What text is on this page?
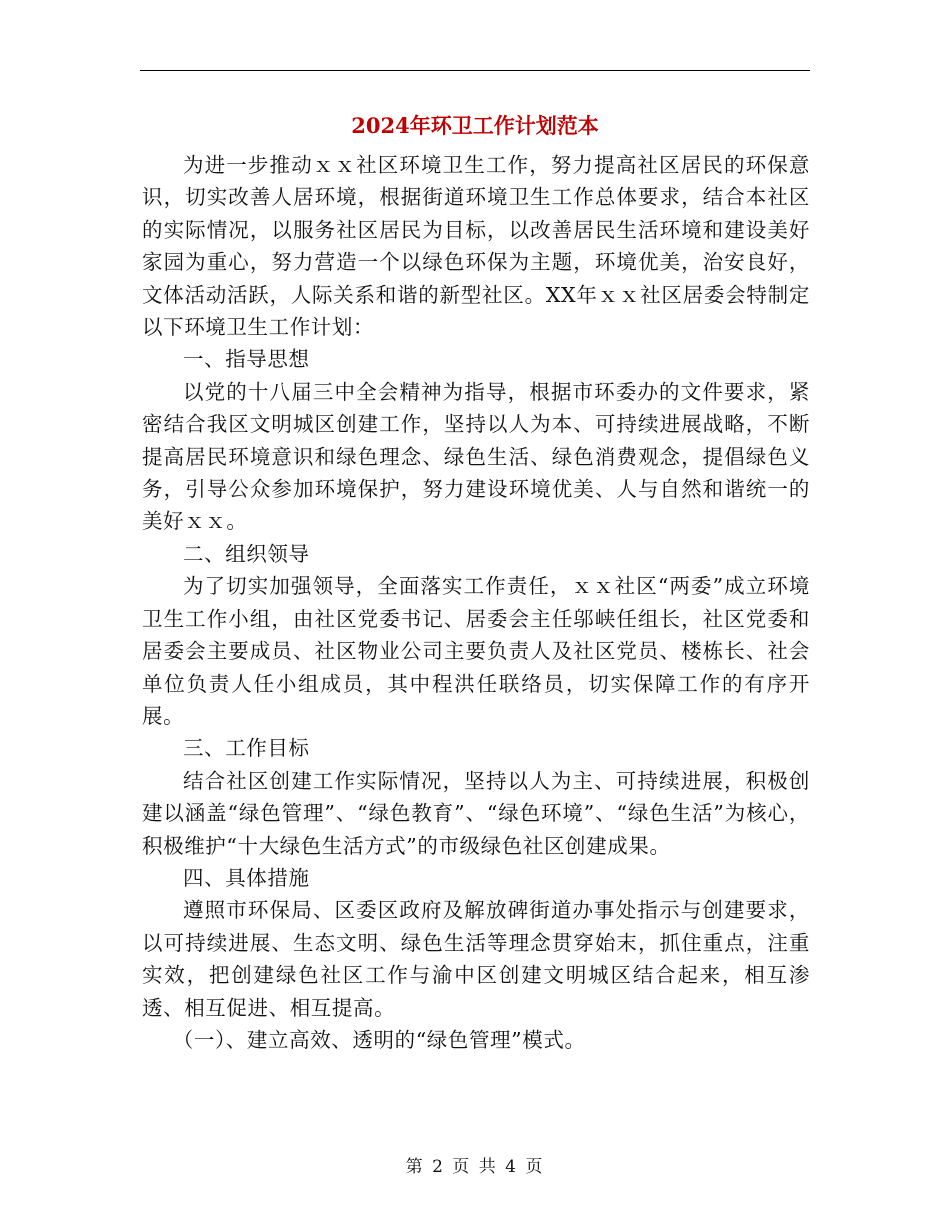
2024年环卫工作计划范本

为进一步推动ｘｘ社区环境卫生工作，努力提高社区居民的环保意识，切实改善人居环境，根据街道环境卫生工作总体要求，结合本社区的实际情况，以服务社区居民为目标，以改善居民生活环境和建设美好家园为重心，努力营造一个以绿色环保为主题，环境优美，治安良好，文体活动活跃，人际关系和谐的新型社区。XX年ｘｘ社区居委会特制定以下环境卫生工作计划：

一、指导思想

以党的十八届三中全会精神为指导，根据市环委办的文件要求，紧密结合我区文明城区创建工作，坚持以人为本、可持续进展战略，不断提高居民环境意识和绿色理念、绿色生活、绿色消费观念，提倡绿色义务，引导公众参加环境保护，努力建设环境优美、人与自然和谐统一的美好ｘｘ。

二、组织领导

为了切实加强领导，全面落实工作责任，ｘｘ社区“两委”成立环境卫生工作小组，由社区党委书记、居委会主任邬峡任组长，社区党委和居委会主要成员、社区物业公司主要负责人及社区党员、楼栋长、社会单位负责人任小组成员，其中程洪任联络员，切实保障工作的有序开展。

三、工作目标

结合社区创建工作实际情况，坚持以人为主、可持续进展，积极创建以涵盖“绿色管理”、“绿色教育”、“绿色环境”、“绿色生活”为核心，积极维护“十大绿色生活方式”的市级绿色社区创建成果。

四、具体措施

遵照市环保局、区委区政府及解放碑街道办事处指示与创建要求，以可持续进展、生态文明、绿色生活等理念贯穿始末，抓住重点，注重实效，把创建绿色社区工作与渝中区创建文明城区结合起来，相互渗透、相互促进、相互提高。

（一）、建立高效、透明的“绿色管理”模式。

第 2 页 共 4 页
